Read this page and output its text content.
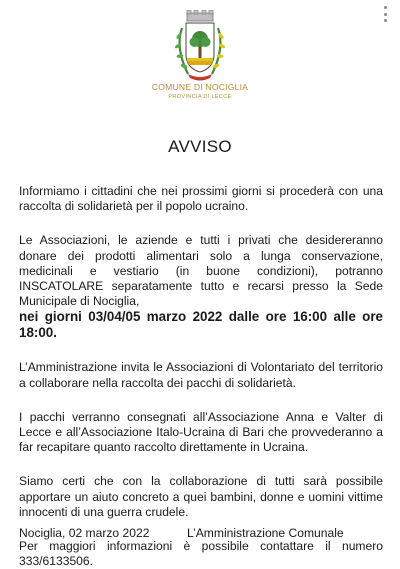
COMUNE DI NOCIGLIA
PROVINCIA DI LECCE
AVVISO

Informiamo i cittadini che nei prossimi giorni si procederà con una raccolta di solidarietà per il popolo ucraino.

Le Associazioni, le aziende e tutti i privati che desidereranno donare dei prodotti alimentari solo a lunga conservazione, medicinali e vestiario (in buone condizioni), potranno INSCATOLARE separatamente tutto e recarsi presso la Sede Municipale di Nociglia,

nei giorni 03/04/05 marzo 2022 dalle ore 16:00 alle ore 18:00.

L’Amministrazione invita le Associazioni di Volontariato del territorio a collaborare nella raccolta dei pacchi di solidarietà.

I pacchi verranno consegnati all’Associazione Anna e Valter di Lecce e all’Associazione Italo-Ucraina di Bari che provvederanno a far recapitare quanto raccolto direttamente in Ucraina.

Siamo certi che con la collaborazione di tutti sarà possibile apportare un aiuto concreto a quei bambini, donne e uomini vittime innocenti di una guerra crudele.

Per maggiori informazioni è possibile contattare il numero 333/6133506.

Nociglia, 02 marzo 2022	L’Amministrazione Comunale
